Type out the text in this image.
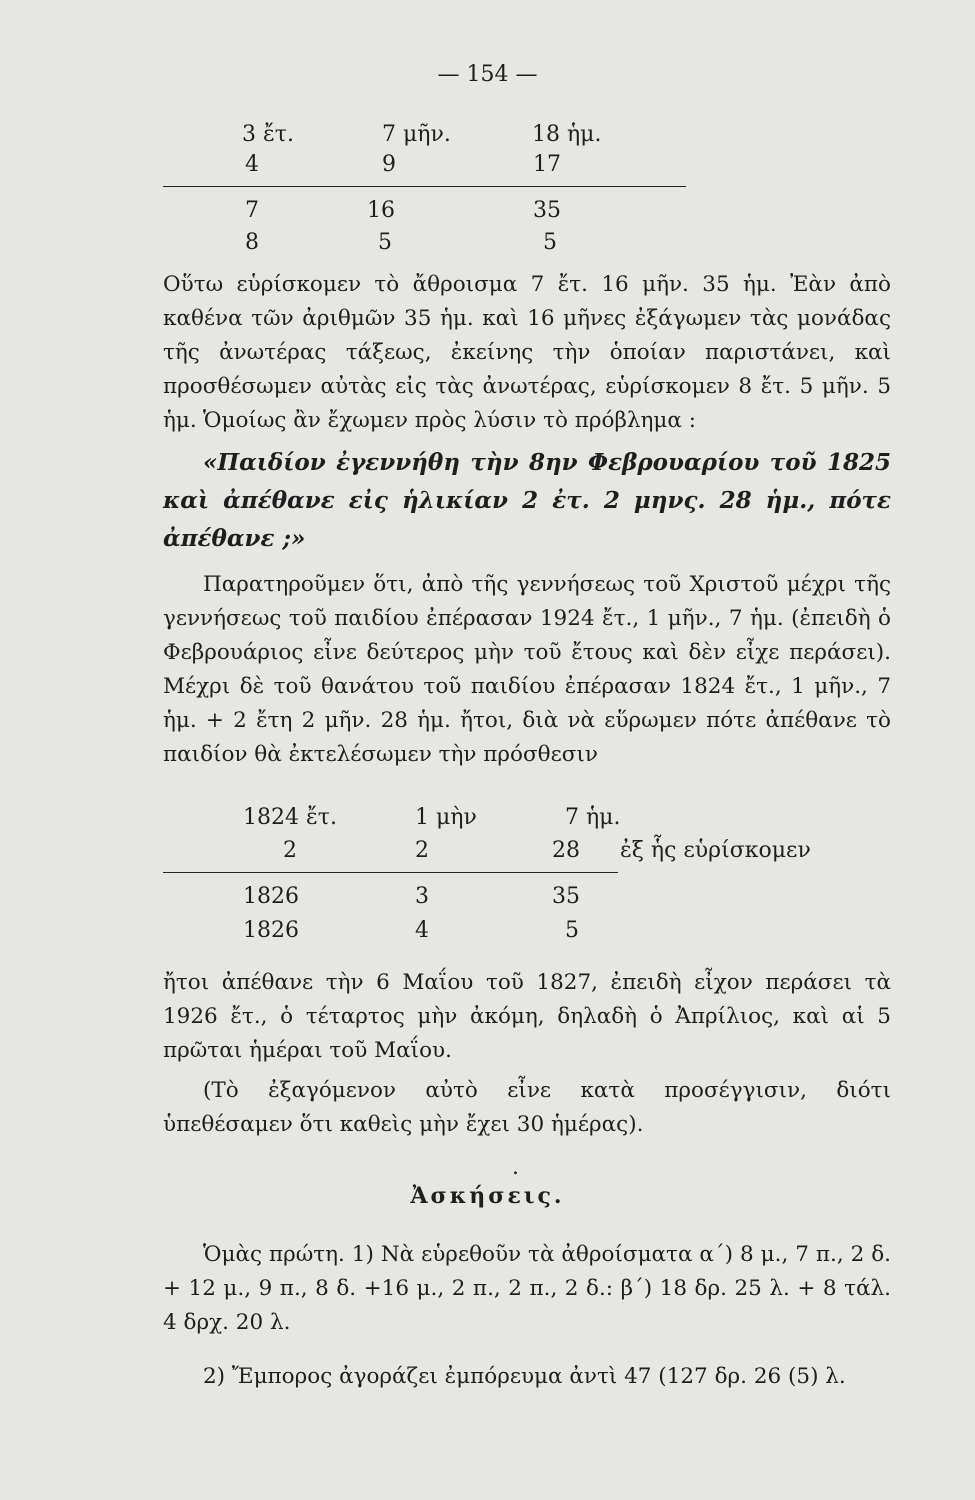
— 154 —
3 ἔτ.	7 μῆν.	18 ἡμ.
4	9	17
7	16	35
8	5	5

Οὕτω εὑρίσκομεν τὸ ἄθροισμα 7 ἔτ. 16 μῆν. 35 ἡμ. Ἐὰν ἀπὸ καθένα τῶν ἀριθμῶν 35 ἡμ. καὶ 16 μῆνες ἐξάγωμεν τὰς μονάδας τῆς ἀνωτέρας τάξεως, ἐκείνης τὴν ὁποίαν παριστάνει, καὶ προσθέσωμεν αὐτὰς εἰς τὰς ἀνωτέρας, εὑρίσκομεν 8 ἔτ. 5 μῆν. 5 ἡμ. Ὁμοίως ἂν ἔχωμεν πρὸς λύσιν τὸ πρόβλημα :

«Παιδίον ἐγεννήθη τὴν 8ην Φεβρουαρίου τοῦ 1825 καὶ ἀπέθανε εἰς ἡλικίαν 2 ἐτ. 2 μηνς. 28 ἡμ., πότε ἀπέθανε ;»

Παρατηροῦμεν ὅτι, ἀπὸ τῆς γεννήσεως τοῦ Χριστοῦ μέχρι τῆς γεννήσεως τοῦ παιδίου ἐπέρασαν 1924 ἔτ., 1 μῆν., 7 ἡμ. (ἐπειδὴ ὁ Φεβρουάριος εἶνε δεύτερος μὴν τοῦ ἔτους καὶ δὲν εἶχε περάσει). Μέχρι δὲ τοῦ θανάτου τοῦ παιδίου ἐπέρασαν 1824 ἔτ., 1 μῆν., 7 ἡμ. + 2 ἔτη 2 μῆν. 28 ἡμ. ἤτοι, διὰ νὰ εὕρωμεν πότε ἀπέθανε τὸ παιδίον θὰ ἐκτελέσωμεν τὴν πρόσθεσιν

1824 ἔτ.	1 μὴν	7 ἡμ.
2	2	28 ἐξ ἧς εὑρίσκομεν
1826	3	35
1826	4	5

ἤτοι ἀπέθανε τὴν 6 Μαΐου τοῦ 1827, ἐπειδὴ εἶχον περάσει τὰ 1926 ἔτ., ὁ τέταρτος μὴν ἀκόμη, δηλαδὴ ὁ Ἀπρίλιος, καὶ αἱ 5 πρῶται ἡμέραι τοῦ Μαΐου.

(Τὸ ἐξαγόμενον αὐτὸ εἶνε κατὰ προσέγγισιν, διότι ὑπεθέσαμεν ὅτι καθεὶς μὴν ἔχει 30 ἡμέρας).

.
Ἀσκήσεις.

Ὁμὰς πρώτη. 1) Νὰ εὑρεθοῦν τὰ ἀθροίσματα α΄) 8 μ., 7 π., 2 δ. + 12 μ., 9 π., 8 δ. +16 μ., 2 π., 2 π., 2 δ.: β΄) 18 δρ. 25 λ. + 8 τάλ. 4 δρχ. 20 λ.

2) Ἔμπορος ἀγοράζει ἐμπόρευμα ἀντὶ 47 (127 δρ. 26 (5) λ.
